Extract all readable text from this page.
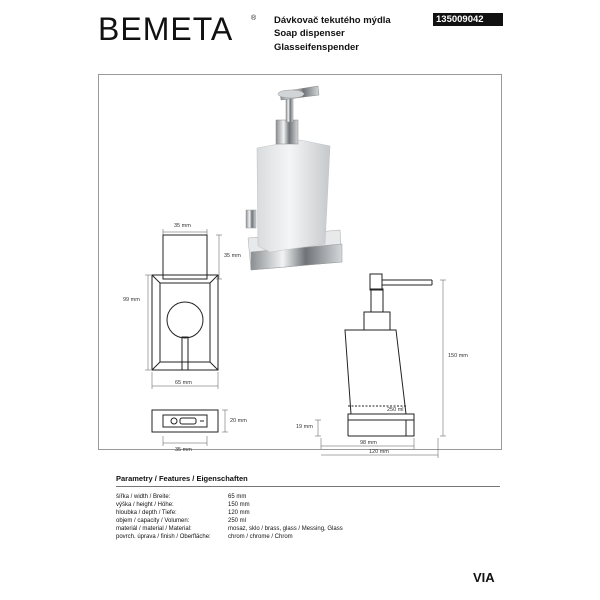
BEMETA	® Dávkovač tekutého mýdla
Soap dispenser
Glasseifenspender
135009042
35 mm
35 mm
99 mm
65 mm
20 mm
35 mm
150 mm
250 ml
19 mm
98 mm
120 mm
Parametry / Features / Eigenschaften
šířka / width / Breite:	65 mm
výška / height / Höhe:	150 mm
hloubka / depth / Tiefe:	120 mm
objem / capacity / Volumen:	250 ml
materiál / material / Material:	mosaz, sklo / brass, glass / Messing, Glass
povrch. úprava / finish / Oberfläche:	chrom / chrome / Chrom
VIA
